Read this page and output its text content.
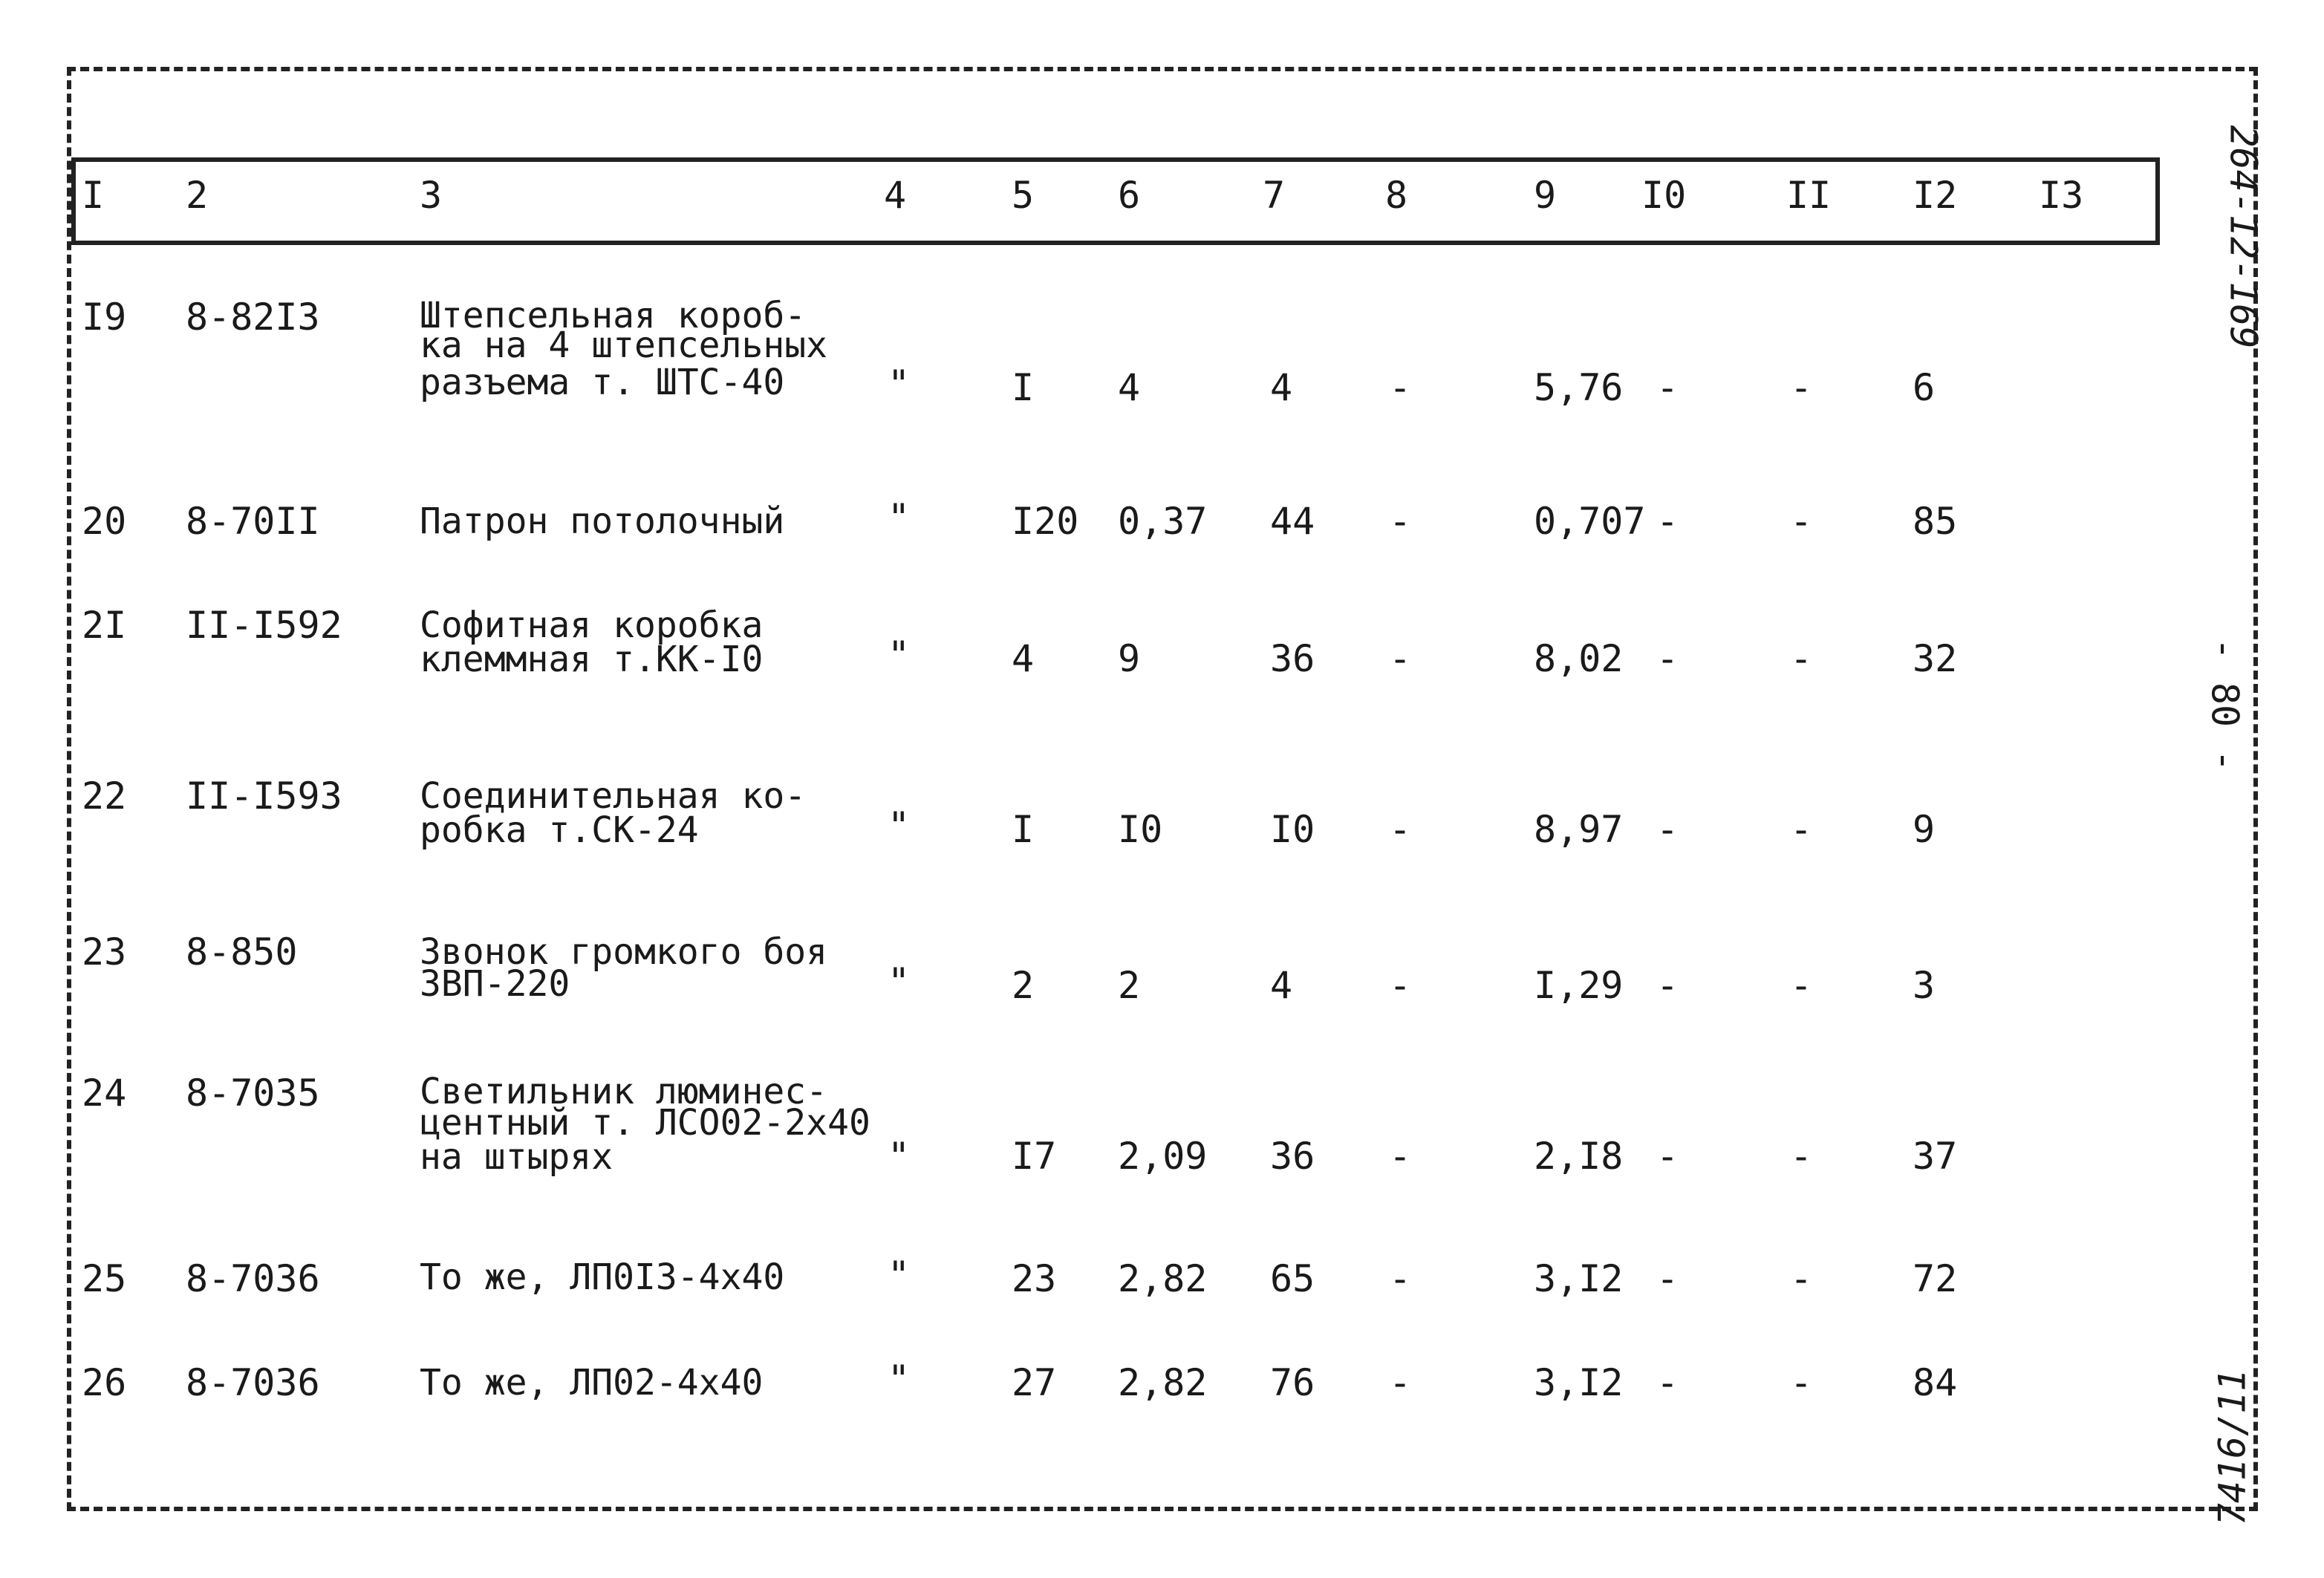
I 2	3	4	5 6	7	8	9 I0	II I2 I3
I9 8-82I3	Штепсельная короб-
ка на 4 штепсельных
разъема т. ШТС-40	"	I 4	4	-	5,76 -	-	6
20 8-70II	Патрон потолочный	"	I20 0,37 44 -	0,707 -	-	85
2I II-I592 Софитная коробка
клеммная т.КК-I0	"	4 9	36 -	8,02 -	-	32
22 II-I593 Соединительная ко-
робка т.СК-24	"	I I0	I0 -	8,97 -	-	9
23 8-850	Звонок громкого боя
ЗВП-220	"	2 2	4	-	I,29 -	-	3
24 8-7035	Светильник люминес-
центный т. ЛСО02-2х40
на штырях	"	I7 2,09 36 -	2,I8 -	-	37
25 8-7036	То же, ЛП0I3-4х40	"	23 2,82 65 -	3,I2 -	-	72
26 8-7036	То же, ЛП02-4х40	"	27 2,82 76 -	3,I2 -	-	84
264-12-169
- 80 -
7416/11
